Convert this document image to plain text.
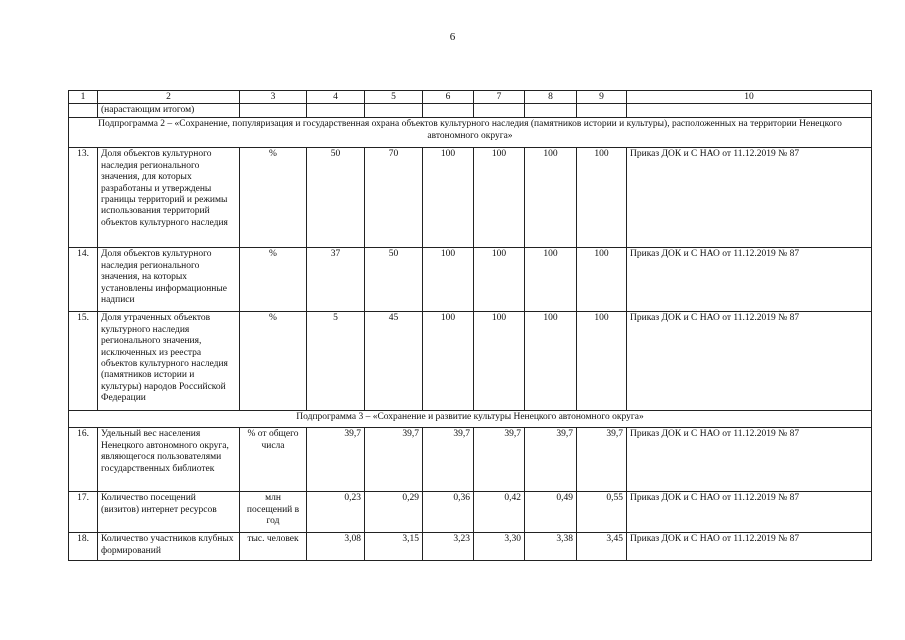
6
1	2	3	4	5	6	7	8	9	10
	(нарастающим итогом)								
Подпрограмма 2 – «Сохранение, популяризация и государственная охрана объектов культурного наследия (памятников истории и культуры), расположенных на территории Ненецкого автономного округа»									
13.	Доля объектов культурного наследия регионального значения, для которых разработаны и утверждены границы территорий и режимы использования территорий объектов культурного наследия	%	50	70	100	100	100	100	Приказ ДОК и С НАО от 11.12.2019 № 87
14.	Доля объектов культурного наследия регионального значения, на которых установлены информационные надписи	%	37	50	100	100	100	100	Приказ ДОК и С НАО от 11.12.2019 № 87
15.	Доля утраченных объектов культурного наследия регионального значения, исключенных из реестра объектов культурного наследия (памятников истории и культуры) народов Российской Федерации	%	5	45	100	100	100	100	Приказ ДОК и С НАО от 11.12.2019 № 87
Подпрограмма 3 – «Сохранение и развитие культуры Ненецкого автономного округа»									
16.	Удельный вес населения Ненецкого автономного округа, являющегося пользователями государственных библиотек	% от общего числа	39,7	39,7	39,7	39,7	39,7	39,7	Приказ ДОК и С НАО от 11.12.2019 № 87
17.	Количество посещений (визитов) интернет ресурсов	млн посещений в год	0,23	0,29	0,36	0,42	0,49	0,55	Приказ ДОК и С НАО от 11.12.2019 № 87
18.	Количество участников клубных формирований	тыс. человек	3,08	3,15	3,23	3,30	3,38	3,45	Приказ ДОК и С НАО от 11.12.2019 № 87
